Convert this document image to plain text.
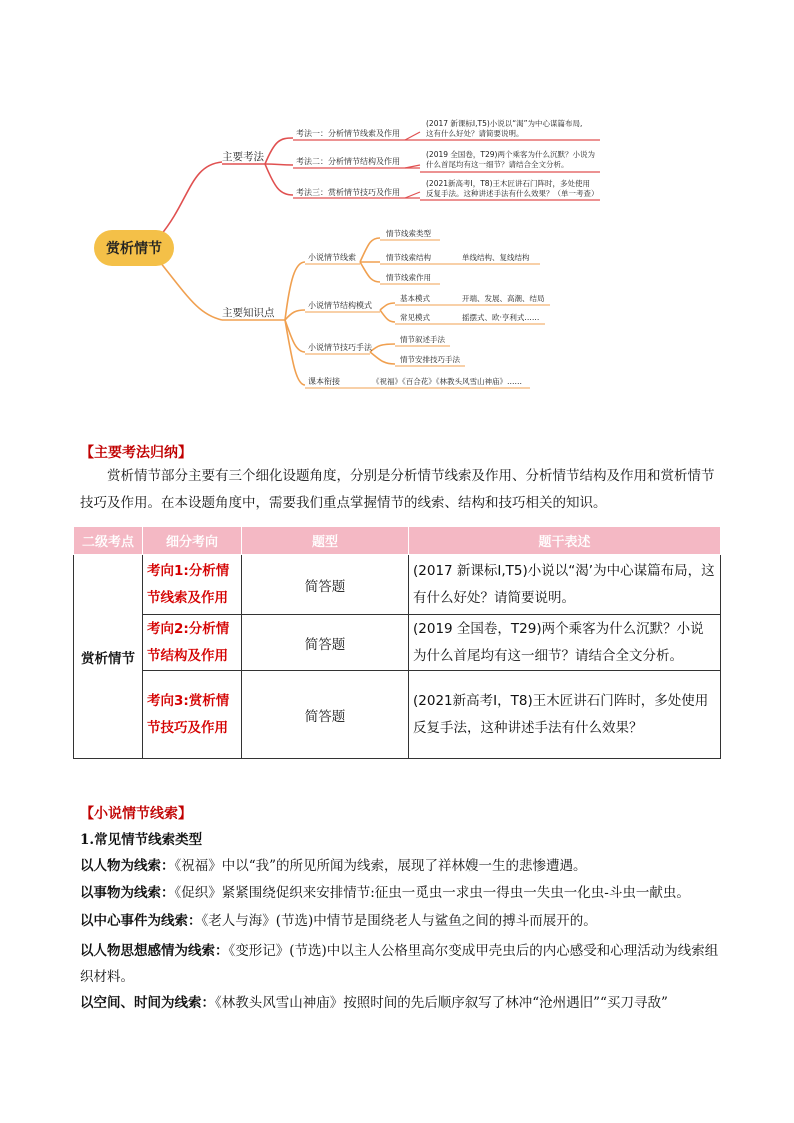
赏析情节
主要考法
考法一：分析情节线索及作用
考法二：分析情节结构及作用
考法三：赏析情节技巧及作用
(2017 新课标Ⅰ,T5)小说以“渴”为中心谋篇布局,
这有什么好处？请简要说明。
(2019 全国卷，T29)两个乘客为什么沉默？小说为
什么首尾均有这一细节？请结合全文分析。
(2021新高考Ⅰ，T8)王木匠讲石门阵时，多处使用
反复手法。这种讲述手法有什么效果？（单一考查）
主要知识点
小说情节线索
情节线索类型
情节线索结构	单线结构、复线结构
情节线索作用
小说情节结构模式
基本模式	开端、发展、高潮、结局
常见模式	摇摆式、欧·亨利式……
小说情节技巧手法
情节叙述手法
情节安排技巧手法
课本衔接	《祝福》《百合花》《林教头风雪山神庙》……
【主要考法归纳】

赏析情节部分主要有三个细化设题角度，分别是分析情节线索及作用、分析情节结构及作用和赏析情节技巧及作用。在本设题角度中，需要我们重点掌握情节的线索、结构和技巧相关的知识。

二级考点	细分考向	题型	题干表述
赏析情节	考向1:分析情节线索及作用	简答题	(2017 新课标Ⅰ,T5)小说以“渴’为中心谋篇布局，这有什么好处？请简要说明。
	考向2:分析情节结构及作用	简答题	(2019 全国卷，T29)两个乘客为什么沉默？小说为什么首尾均有这一细节？请结合全文分析。
	考向3:赏析情节技巧及作用	简答题	(2021新高考Ⅰ，T8)王木匠讲石门阵时，多处使用反复手法，这种讲述手法有什么效果？
【小说情节线索】
1.常见情节线索类型
以人物为线索：《祝福》中以“我”的所见所闻为线索，展现了祥林嫂一生的悲惨遭遇。
以事物为线索：《促织》紧紧围绕促织来安排情节:征虫一觅虫一求虫一得虫一失虫一化虫-斗虫一献虫。
以中心事件为线索：《老人与海》(节选)中情节是围绕老人与鲨鱼之间的搏斗而展开的。
以人物思想感情为线索：《变形记》(节选)中以主人公格里高尔变成甲壳虫后的内心感受和心理活动为线索组织材料。
以空间、时间为线索：《林教头风雪山神庙》按照时间的先后顺序叙写了林冲“沧州遇旧”“买刀寻敌”
